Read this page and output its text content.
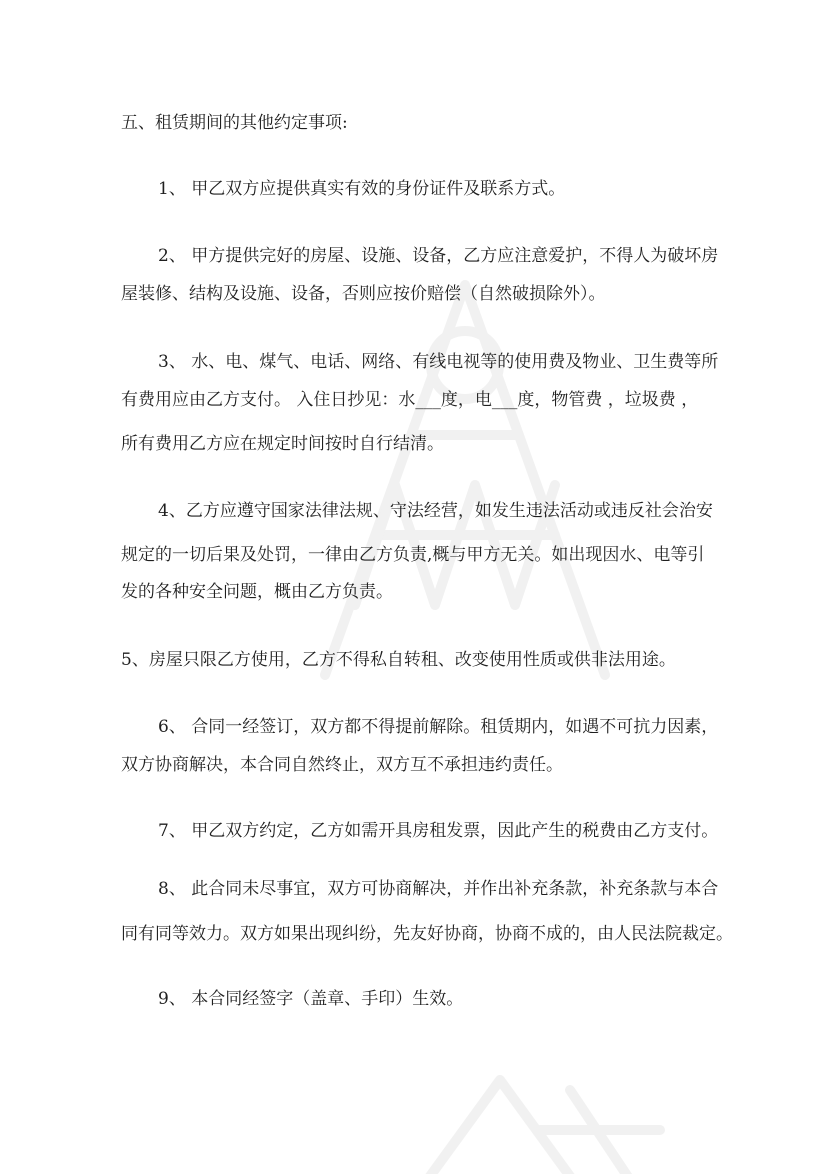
五、租赁期间的其他约定事项:
1、 甲乙双方应提供真实有效的身份证件及联系方式。
2、 甲方提供完好的房屋、设施、设备，乙方应注意爱护，不得人为破坏房
屋装修、结构及设施、设备，否则应按价赔偿（自然破损除外）。
3、 水、电、煤气、电话、网络、有线电视等的使用费及物业、卫生费等所
有费用应由乙方支付。 入住日抄见：水___度，电___度，物管费 ，垃圾费 ，
所有费用乙方应在规定时间按时自行结清。
4、乙方应遵守国家法律法规、守法经营，如发生违法活动或违反社会治安
规定的一切后果及处罚，一律由乙方负责,概与甲方无关。如出现因水、电等引
发的各种安全问题，概由乙方负责。
5、房屋只限乙方使用，乙方不得私自转租、改变使用性质或供非法用途。
6、 合同一经签订，双方都不得提前解除。租赁期内，如遇不可抗力因素，
双方协商解决，本合同自然终止，双方互不承担违约责任。
7、 甲乙双方约定，乙方如需开具房租发票，因此产生的税费由乙方支付。
8、 此合同未尽事宜，双方可协商解决，并作出补充条款，补充条款与本合
同有同等效力。双方如果出现纠纷，先友好协商，协商不成的，由人民法院裁定。
9、 本合同经签字（盖章、手印）生效。
